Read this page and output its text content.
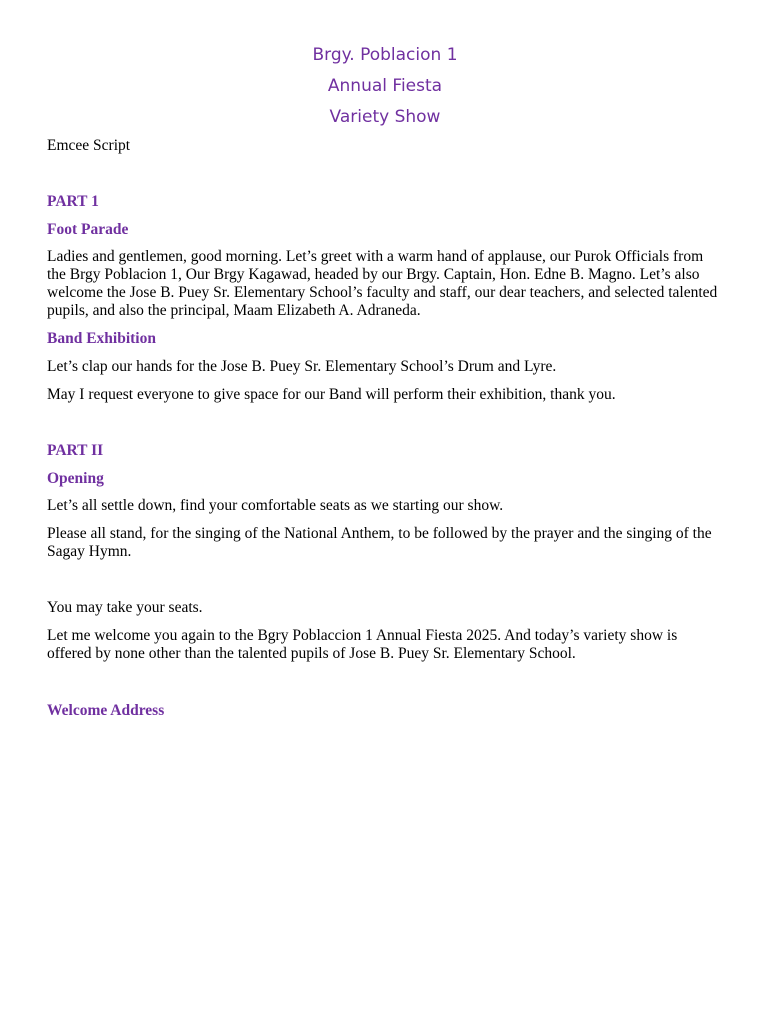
Brgy. Poblacion 1
Annual Fiesta
Variety Show
Emcee Script
PART 1
Foot Parade
Ladies and gentlemen, good morning. Let’s greet with a warm hand of applause, our Purok Officials from the Brgy Poblacion 1, Our Brgy Kagawad, headed by our Brgy. Captain, Hon. Edne B. Magno. Let’s also welcome the Jose B. Puey Sr. Elementary School’s faculty and staff, our dear teachers, and selected talented pupils, and also the principal, Maam Elizabeth A. Adraneda.
Band Exhibition
Let’s clap our hands for the Jose B. Puey Sr. Elementary School’s Drum and Lyre.
May I request everyone to give space for our Band will perform their exhibition, thank you.
PART II
Opening
Let’s all settle down, find your comfortable seats as we starting our show.
Please all stand, for the singing of the National Anthem, to be followed by the prayer and the singing of the Sagay Hymn.
You may take your seats.
Let me welcome you again to the Bgry Poblaccion 1 Annual Fiesta 2025. And today’s variety show is offered by none other than the talented pupils of Jose B. Puey Sr. Elementary School.
Welcome Address
